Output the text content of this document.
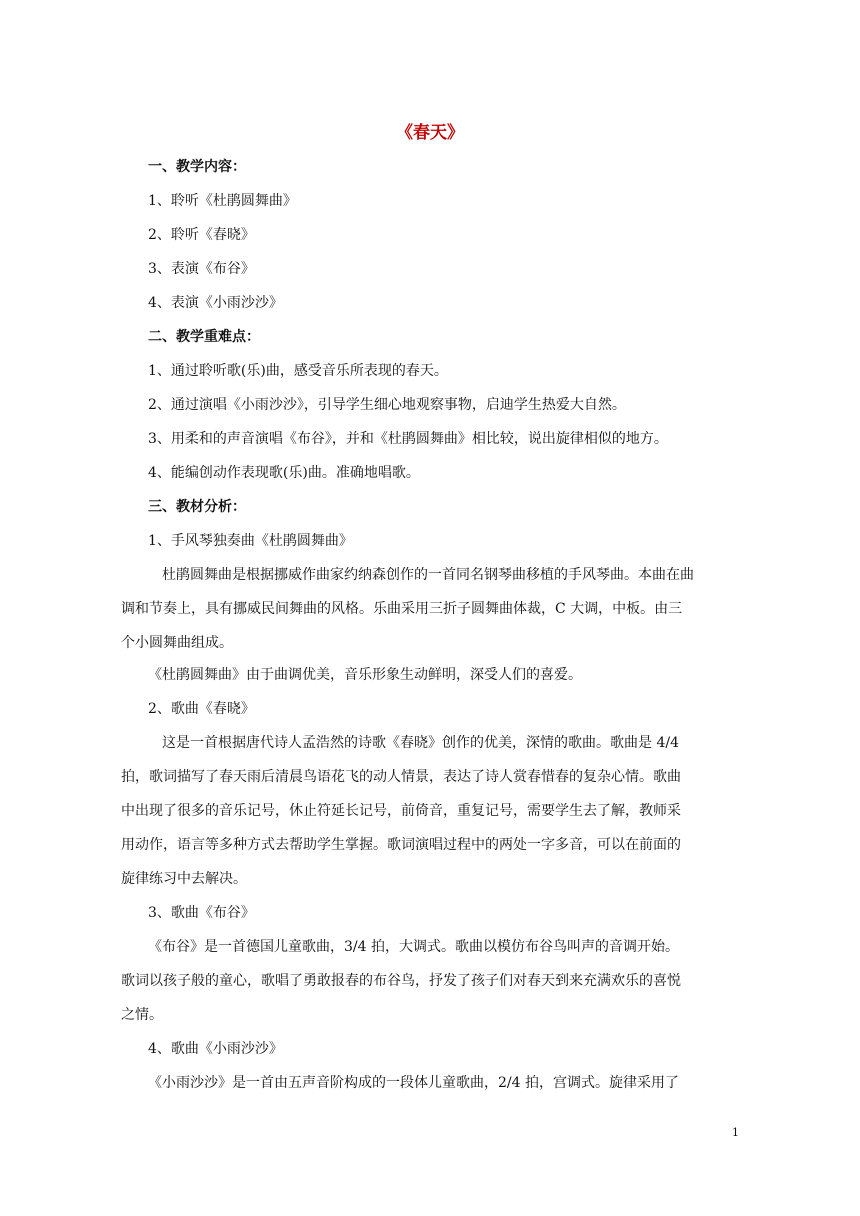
《春天》
一、教学内容：
1、聆听《杜鹃圆舞曲》
2、聆听《春晓》
3、表演《布谷》
4、表演《小雨沙沙》
二、教学重难点：
1、通过聆听歌(乐)曲，感受音乐所表现的春天。
2、通过演唱《小雨沙沙》，引导学生细心地观察事物，启迪学生热爱大自然。
3、用柔和的声音演唱《布谷》，并和《杜鹃圆舞曲》相比较，说出旋律相似的地方。
4、能编创动作表现歌(乐)曲。准确地唱歌。
三、教材分析：
1、手风琴独奏曲《杜鹃圆舞曲》
杜鹃圆舞曲是根据挪威作曲家约纳森创作的一首同名钢琴曲移植的手风琴曲。本曲在曲
调和节奏上，具有挪威民间舞曲的风格。乐曲采用三折子圆舞曲体裁，C 大调，中板。由三
个小圆舞曲组成。
《杜鹃圆舞曲》由于曲调优美，音乐形象生动鲜明，深受人们的喜爱。
2、歌曲《春晓》
这是一首根据唐代诗人孟浩然的诗歌《春晓》创作的优美，深情的歌曲。歌曲是 4/4
拍，歌词描写了春天雨后清晨鸟语花飞的动人情景，表达了诗人赏春惜春的复杂心情。歌曲
中出现了很多的音乐记号，休止符延长记号，前倚音，重复记号，需要学生去了解，教师采
用动作，语言等多种方式去帮助学生掌握。歌词演唱过程中的两处一字多音，可以在前面的
旋律练习中去解决。
3、歌曲《布谷》
《布谷》是一首德国儿童歌曲，3/4 拍，大调式。歌曲以模仿布谷鸟叫声的音调开始。
歌词以孩子般的童心，歌唱了勇敢报春的布谷鸟，抒发了孩子们对春天到来充满欢乐的喜悦
之情。
4、歌曲《小雨沙沙》
《小雨沙沙》是一首由五声音阶构成的一段体儿童歌曲，2/4 拍，宫调式。旋律采用了
1
